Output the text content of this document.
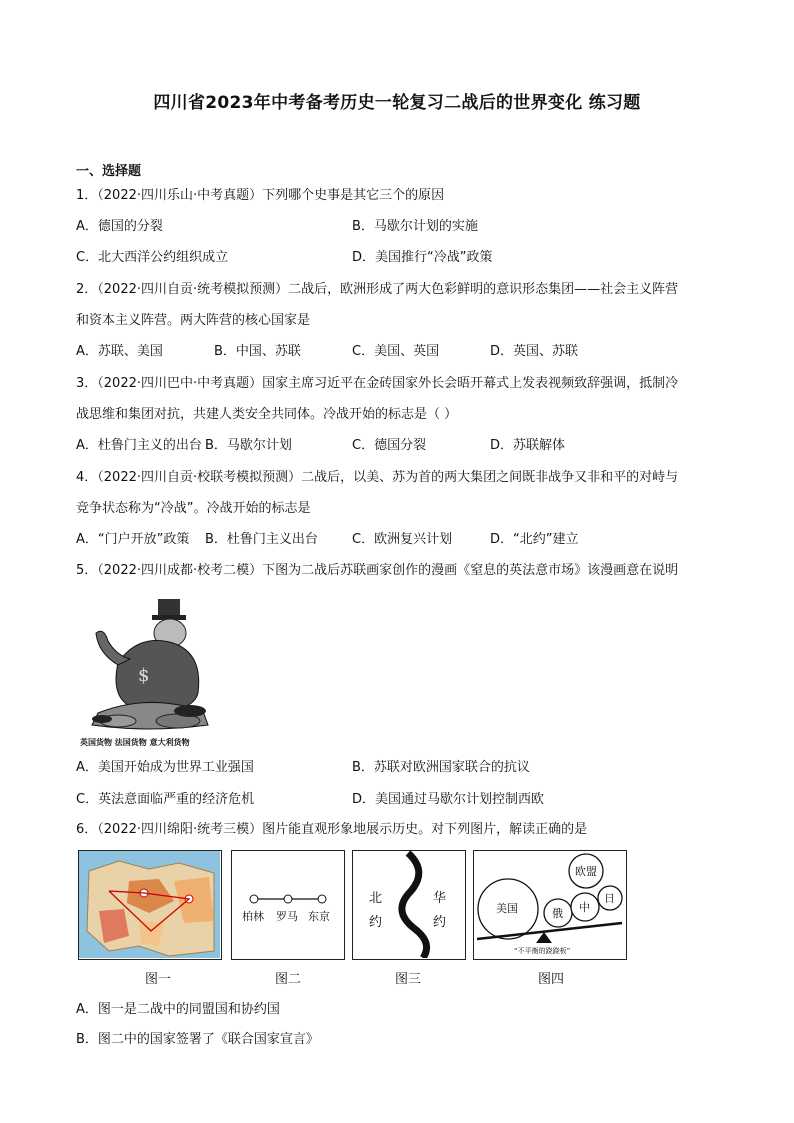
四川省2023年中考备考历史一轮复习二战后的世界变化 练习题
一、选择题
1．（2022·四川乐山·中考真题）下列哪个史事是其它三个的原因
A．德国的分裂	B．马歇尔计划的实施
C．北大西洋公约组织成立	D．美国推行“冷战”政策
2．（2022·四川自贡·统考模拟预测）二战后，欧洲形成了两大色彩鲜明的意识形态集团——社会主义阵营
和资本主义阵营。两大阵营的核心国家是
A．苏联、美国	B．中国、苏联	C．美国、英国	D．英国、苏联
3．（2022·四川巴中·中考真题）国家主席习近平在金砖国家外长会晤开幕式上发表视频致辞强调，抵制冷
战思维和集团对抗，共建人类安全共同体。冷战开始的标志是（ ）
A．杜鲁门主义的出台 B．马歇尔计划	C．德国分裂	D．苏联解体
4．（2022·四川自贡·校联考模拟预测）二战后，以美、苏为首的两大集团之间既非战争又非和平的对峙与
竞争状态称为“冷战”。冷战开始的标志是
A．“门户开放”政策 B．杜鲁门主义出台	C．欧洲复兴计划	D．“北约”建立
5．（2022·四川成都·校考二模）下图为二战后苏联画家创作的漫画《窒息的英法意市场》该漫画意在说明
$
英国货物 法国货物 意大利货物
A．美国开始成为世界工业强国	B．苏联对欧洲国家联合的抗议
C．英法意面临严重的经济危机	D．美国通过马歇尔计划控制西欧
6．（2022·四川绵阳·统考三模）图片能直观形象地展示历史。对下列图片，解读正确的是
柏林 罗马 东京
北
约
华
约
美国	俄 中
欧盟
日
“不平衡的跷跷板”
图一	图二	图三	图四
A．图一是二战中的同盟国和协约国
B．图二中的国家签署了《联合国家宣言》
